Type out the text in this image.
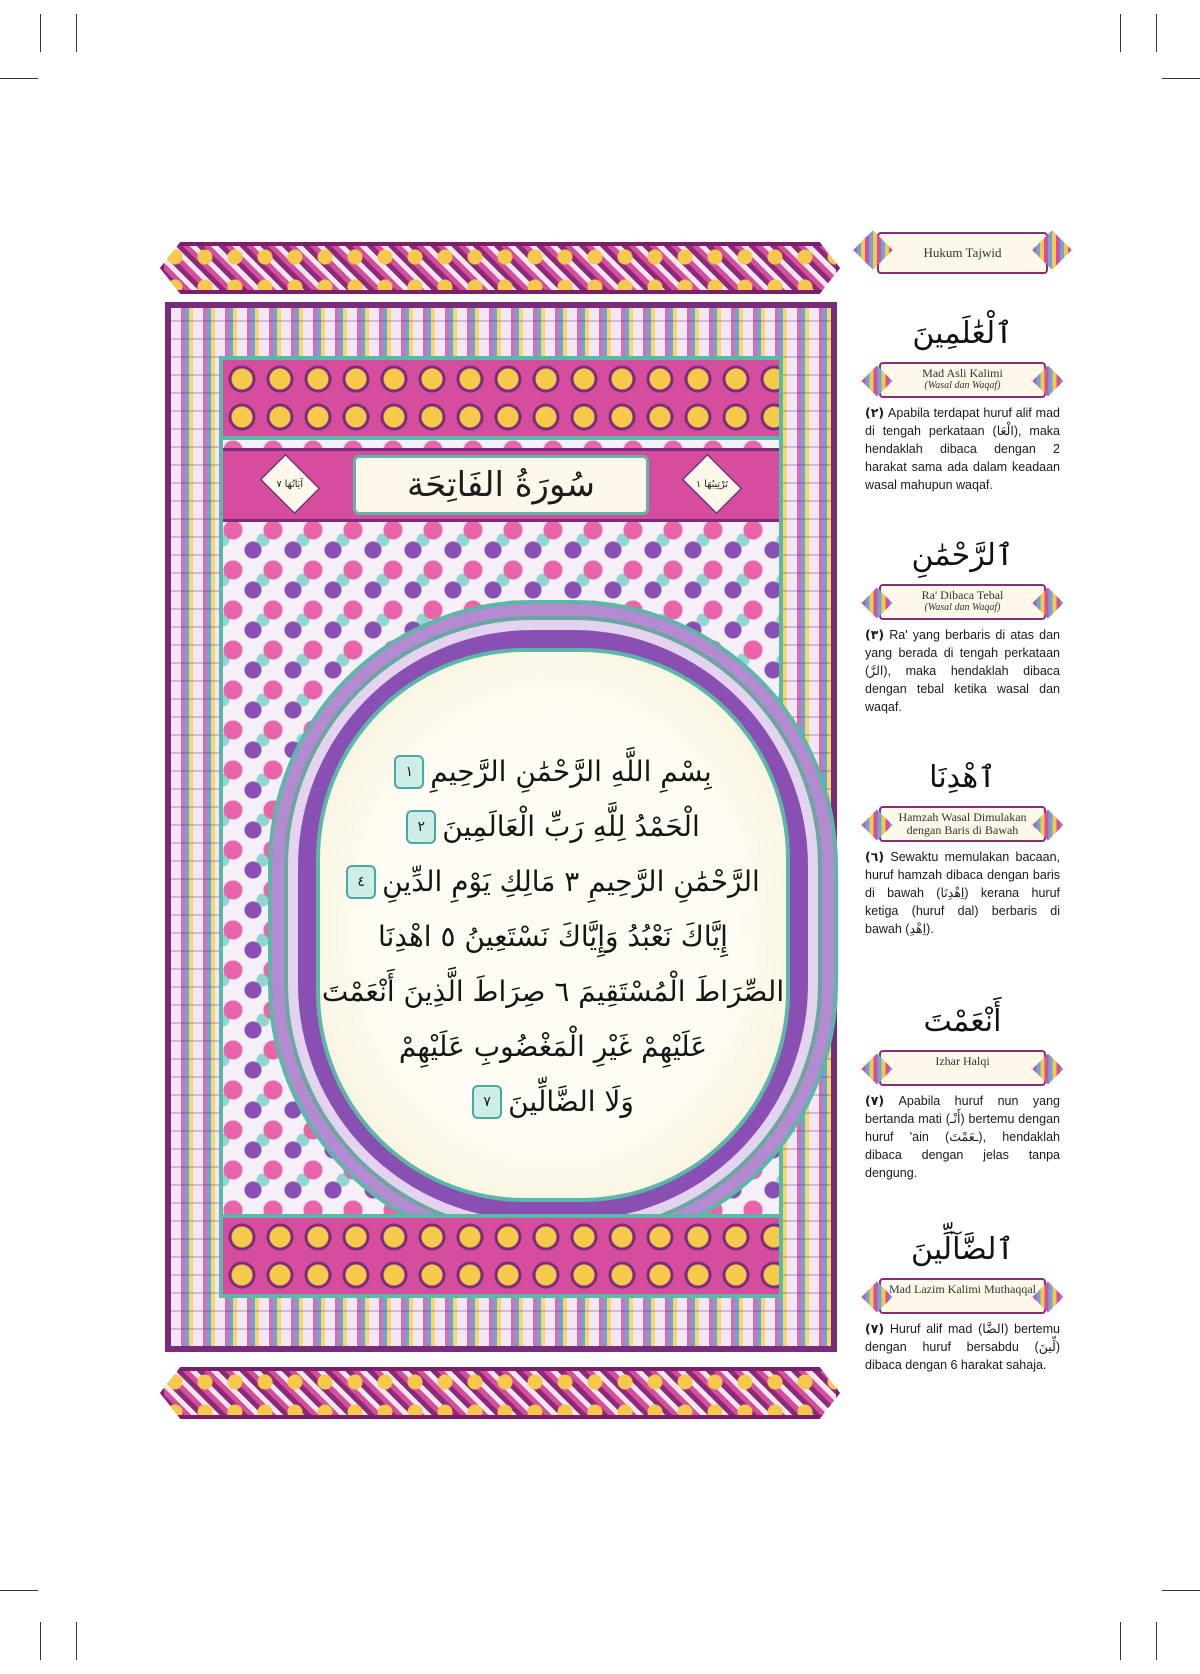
تَرْتِيبُهَا ١
سُورَةُ الفَاتِحَة
آيَاتُهَا ٧
بِسْمِ اللَّهِ الرَّحْمَٰنِ الرَّحِيمِ
١
الْحَمْدُ لِلَّهِ رَبِّ الْعَالَمِينَ
٢
الرَّحْمَٰنِ الرَّحِيمِ ٣ مَالِكِ يَوْمِ الدِّينِ
٤
إِيَّاكَ نَعْبُدُ وَإِيَّاكَ نَسْتَعِينُ ٥ اهْدِنَا
الصِّرَاطَ الْمُسْتَقِيمَ ٦ صِرَاطَ الَّذِينَ أَنْعَمْتَ
عَلَيْهِمْ غَيْرِ الْمَغْضُوبِ عَلَيْهِمْ
وَلَا الضَّالِّينَ
٧
Hukum Tajwid
ٱلْعَٰلَمِينَ
Mad Asli Kalimi
(Wasal dan Waqaf)
(٢) Apabila terdapat huruf alif mad di tengah perkataan (الْعَا), maka hendaklah dibaca dengan 2 harakat sama ada dalam keadaan wasal mahupun waqaf.
ٱلرَّحْمَٰنِ
Ra' Dibaca Tebal
(Wasal dan Waqaf)
(٣) Ra' yang berbaris di atas dan yang berada di tengah perkataan (الرَّ), maka hendaklah dibaca dengan tebal ketika wasal dan waqaf.
ٱهْدِنَا
Hamzah Wasal Dimulakan dengan Baris di Bawah
(٦) Sewaktu memulakan bacaan, huruf hamzah dibaca dengan baris di bawah (اِهْدِنَا) kerana huruf ketiga (huruf dal) berbaris di bawah (اِهْدِ).
أَنْعَمْتَ
Izhar Halqi
(٧) Apabila huruf nun yang bertanda mati (أَنْـ) bertemu dengan huruf 'ain (ـعَمْتَ), hendaklah dibaca dengan jelas tanpa dengung.
ٱلضَّآلِّينَ
Mad Lazim Kalimi Muthaqqal
(٧) Huruf alif mad (الضَّا) bertemu dengan huruf bersabdu (لِّينَ) dibaca dengan 6 harakat sahaja.
